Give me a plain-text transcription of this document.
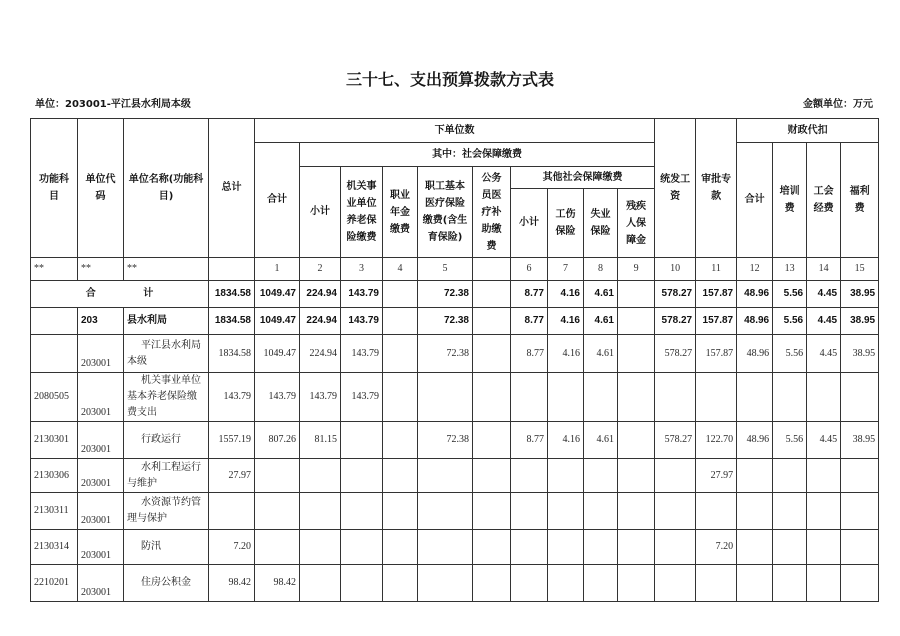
三十七、支出预算拨款方式表
单位：203001-平江县水利局本级	金额单位：万元
功能科目	单位代码	单位名称(功能科目)	总计	下单位数										统发工资	审批专款	财政代扣			
				合计	其中：社会保障缴费											合计	培训费	工会经费	福利费
					小计	机关事业单位养老保险缴费	职业年金缴费	职工基本医疗保险缴费(含生育保险)	公务员医疗补助缴费	其他社会保障缴费									
										小计	工伤保险	失业保险	残疾人保障金						
**	**	**		1	2	3	4	5		6	7	8	9	10	11	12	13	14	15
合 计			1834.58	1049.47	224.94	143.79		72.38		8.77	4.16	4.61		578.27	157.87	48.96	5.56	4.45	38.95
	203	县水利局	1834.58	1049.47	224.94	143.79		72.38		8.77	4.16	4.61		578.27	157.87	48.96	5.56	4.45	38.95
	203001	平江县水利局本级	1834.58	1049.47	224.94	143.79		72.38		8.77	4.16	4.61		578.27	157.87	48.96	5.56	4.45	38.95
2080505	203001	机关事业单位基本养老保险缴费支出	143.79	143.79	143.79	143.79													
2130301	203001	行政运行	1557.19	807.26	81.15			72.38		8.77	4.16	4.61		578.27	122.70	48.96	5.56	4.45	38.95
2130306	203001	水利工程运行与维护	27.97												27.97				
2130311	203001	水资源节约管理与保护																	
2130314	203001	防汛	7.20												7.20				
2210201	203001	住房公积金	98.42	98.42															
